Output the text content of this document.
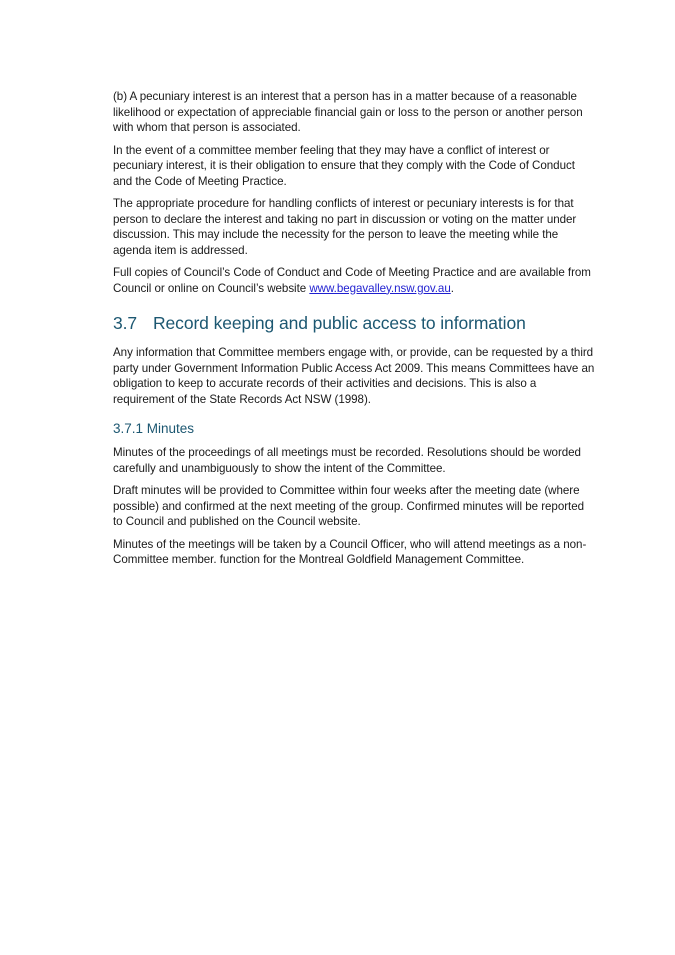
(b) A pecuniary interest is an interest that a person has in a matter because of a reasonable likelihood or expectation of appreciable financial gain or loss to the person or another person with whom that person is associated.

In the event of a committee member feeling that they may have a conflict of interest or pecuniary interest, it is their obligation to ensure that they comply with the Code of Conduct and the Code of Meeting Practice.

The appropriate procedure for handling conflicts of interest or pecuniary interests is for that person to declare the interest and taking no part in discussion or voting on the matter under discussion. This may include the necessity for the person to leave the meeting while the agenda item is addressed.

Full copies of Council’s Code of Conduct and Code of Meeting Practice and are available from Council or online on Council’s website www.begavalley.nsw.gov.au.

3.7 Record keeping and public access to information

Any information that Committee members engage with, or provide, can be requested by a third party under Government Information Public Access Act 2009. This means Committees have an obligation to keep to accurate records of their activities and decisions. This is also a requirement of the State Records Act NSW (1998).

3.7.1 Minutes

Minutes of the proceedings of all meetings must be recorded. Resolutions should be worded carefully and unambiguously to show the intent of the Committee.

Draft minutes will be provided to Committee within four weeks after the meeting date (where possible) and confirmed at the next meeting of the group. Confirmed minutes will be reported to Council and published on the Council website.

Minutes of the meetings will be taken by a Council Officer, who will attend meetings as a non-Committee member. function for the Montreal Goldfield Management Committee.
